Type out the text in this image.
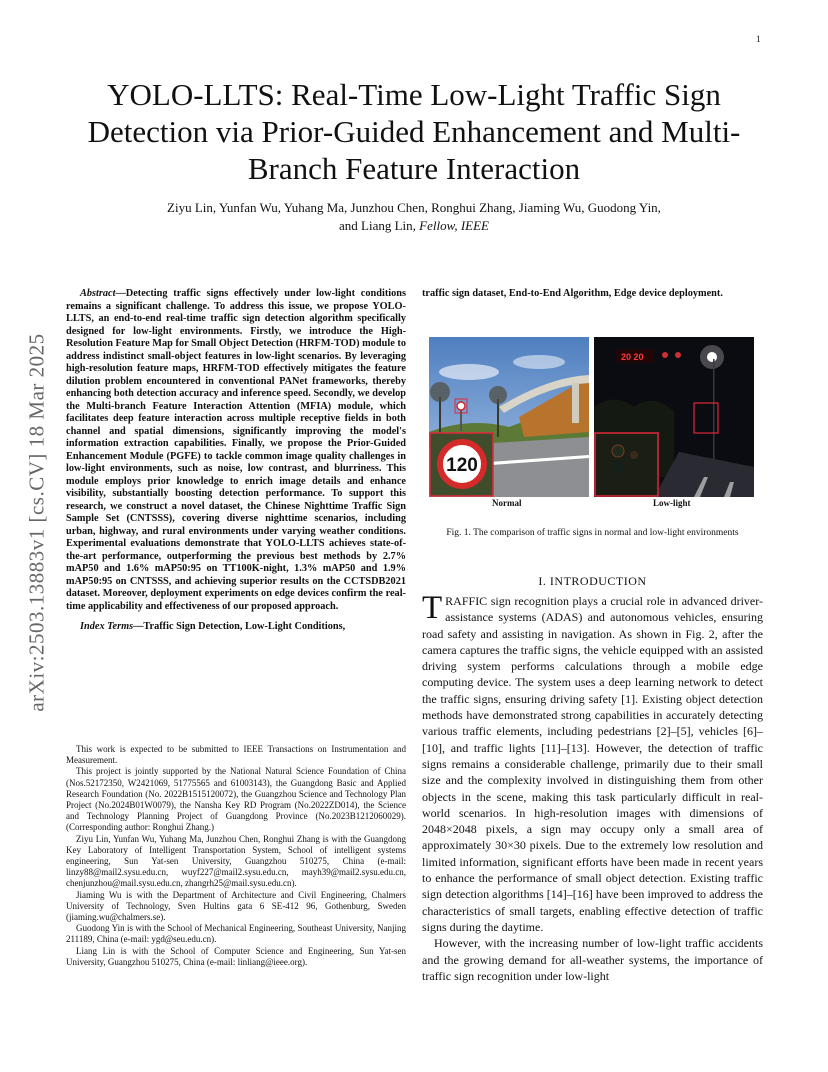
1
arXiv:2503.13883v1 [cs.CV] 18 Mar 2025
YOLO-LLTS: Real-Time Low-Light Traffic Sign Detection via Prior-Guided Enhancement and Multi-Branch Feature Interaction
Ziyu Lin, Yunfan Wu, Yuhang Ma, Junzhou Chen, Ronghui Zhang, Jiaming Wu, Guodong Yin,
and Liang Lin, Fellow, IEEE

Abstract—Detecting traffic signs effectively under low-light conditions remains a significant challenge. To address this issue, we propose YOLO-LLTS, an end-to-end real-time traffic sign detection algorithm specifically designed for low-light environments. Firstly, we introduce the High-Resolution Feature Map for Small Object Detection (HRFM-TOD) module to address indistinct small-object features in low-light scenarios. By leveraging high-resolution feature maps, HRFM-TOD effectively mitigates the feature dilution problem encountered in conventional PANet frameworks, thereby enhancing both detection accuracy and inference speed. Secondly, we develop the Multi-branch Feature Interaction Attention (MFIA) module, which facilitates deep feature interaction across multiple receptive fields in both channel and spatial dimensions, significantly improving the model's information extraction capabilities. Finally, we propose the Prior-Guided Enhancement Module (PGFE) to tackle common image quality challenges in low-light environments, such as noise, low contrast, and blurriness. This module employs prior knowledge to enrich image details and enhance visibility, substantially boosting detection performance. To support this research, we construct a novel dataset, the Chinese Nighttime Traffic Sign Sample Set (CNTSSS), covering diverse nighttime scenarios, including urban, highway, and rural environments under varying weather conditions. Experimental evaluations demonstrate that YOLO-LLTS achieves state-of-the-art performance, outperforming the previous best methods by 2.7% mAP50 and 1.6% mAP50:95 on TT100K-night, 1.3% mAP50 and 1.9% mAP50:95 on CNTSSS, and achieving superior results on the CCTSDB2021 dataset. Moreover, deployment experiments on edge devices confirm the real-time applicability and effectiveness of our proposed approach.

Index Terms—Traffic Sign Detection, Low-Light Conditions,

This work is expected to be submitted to IEEE Transactions on Instrumentation and Measurement.

This project is jointly supported by the National Natural Science Foundation of China (Nos.52172350, W2421069, 51775565 and 61003143), the Guangdong Basic and Applied Research Foundation (No. 2022B1515120072), the Guangzhou Science and Technology Plan Project (No.2024B01W0079), the Nansha Key RD Program (No.2022ZD014), the Science and Technology Planning Project of Guangdong Province (No.2023B1212060029). (Corresponding author: Ronghui Zhang.)

Ziyu Lin, Yunfan Wu, Yuhang Ma, Junzhou Chen, Ronghui Zhang is with the Guangdong Key Laboratory of Intelligent Transportation System, School of intelligent systems engineering, Sun Yat-sen University, Guangzhou 510275, China (e-mail: linzy88@mail2.sysu.edu.cn, wuyf227@mail2.sysu.edu.cn, mayh39@mail2.sysu.edu.cn, chenjunzhou@mail.sysu.edu.cn, zhangrh25@mail.sysu.edu.cn).

Jiaming Wu is with the Department of Architecture and Civil Engineering, Chalmers University of Technology, Sven Hultins gata 6 SE-412 96, Gothenburg, Sweden (jiaming.wu@chalmers.se).

Guodong Yin is with the School of Mechanical Engineering, Southeast University, Nanjing 211189, China (e-mail: ygd@seu.edu.cn).

Liang Lin is with the School of Computer Science and Engineering, Sun Yat-sen University, Guangzhou 510275, China (e-mail: linliang@ieee.org).

traffic sign dataset, End-to-End Algorithm, Edge device deployment.

120
20 20
Normal	Low-light
Fig. 1. The comparison of traffic signs in normal and low-light environments
I. INTRODUCTION

TRAFFIC sign recognition plays a crucial role in advanced driver-assistance systems (ADAS) and autonomous vehicles, ensuring road safety and assisting in navigation. As shown in Fig. 2, after the camera captures the traffic signs, the vehicle equipped with an assisted driving system performs calculations through a mobile edge computing device. The system uses a deep learning network to detect the traffic signs, ensuring driving safety [1]. Existing object detection methods have demonstrated strong capabilities in accurately detecting various traffic elements, including pedestrians [2]–[5], vehicles [6]–[10], and traffic lights [11]–[13]. However, the detection of traffic signs remains a considerable challenge, primarily due to their small size and the complexity involved in distinguishing them from other objects in the scene, making this task particularly difficult in real-world scenarios. In high-resolution images with dimensions of 2048×2048 pixels, a sign may occupy only a small area of approximately 30×30 pixels. Due to the extremely low resolution and limited information, significant efforts have been made in recent years to enhance the performance of small object detection. Existing traffic sign detection algorithms [14]–[16] have been improved to address the characteristics of small targets, enabling effective detection of traffic signs during the daytime.

However, with the increasing number of low-light traffic accidents and the growing demand for all-weather systems, the importance of traffic sign recognition under low-light
